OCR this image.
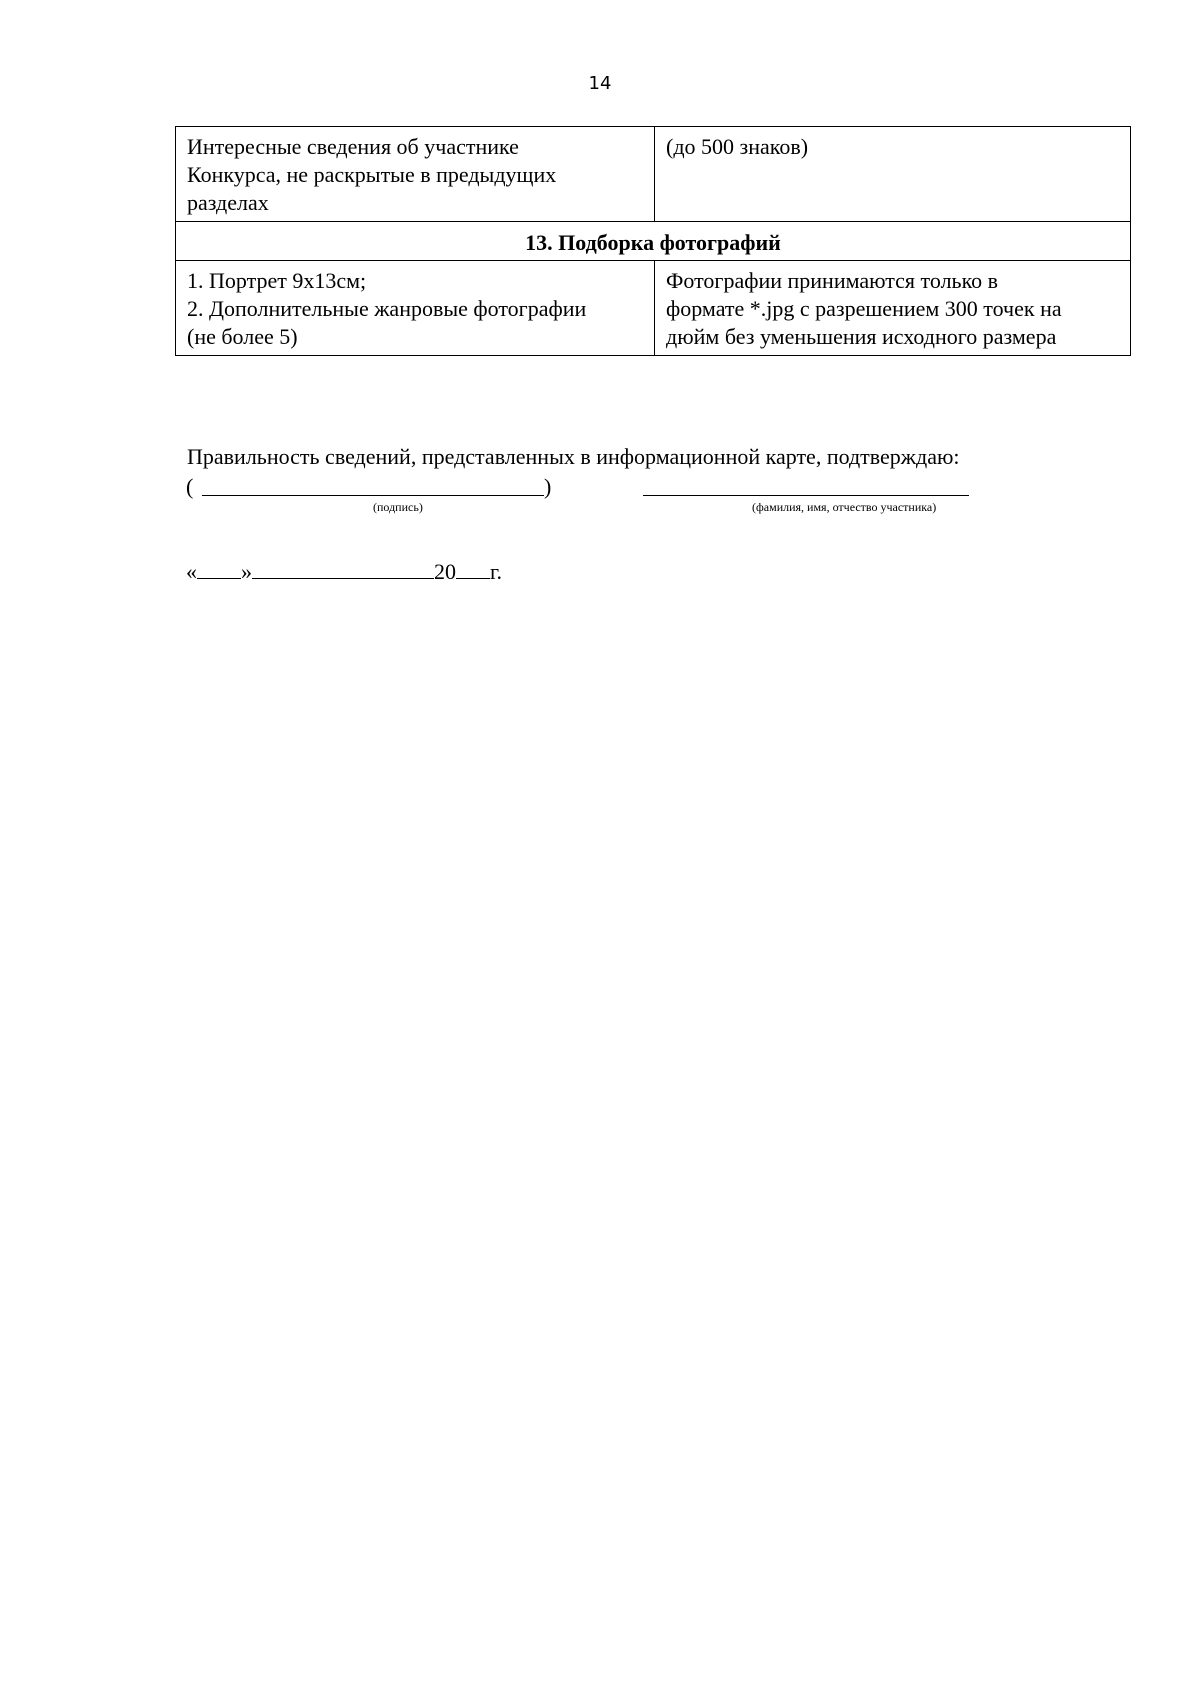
14
Интересные сведения об участнике
Конкурса, не раскрытые в предыдущих
разделах	(до 500 знаков)

13. Подборка фотографий	

1. Портрет 9х13см;
2. Дополнительные жанровые фотографии
(не более 5)	Фотографии принимаются только в
формате *.jpg с разрешением 300 точек на
дюйм без уменьшения исходного размера
Правильность сведений, представленных в информационной карте, подтверждаю:
(	)
(подпись)	(фамилия, имя, отчество участника)
« »	20 г.
